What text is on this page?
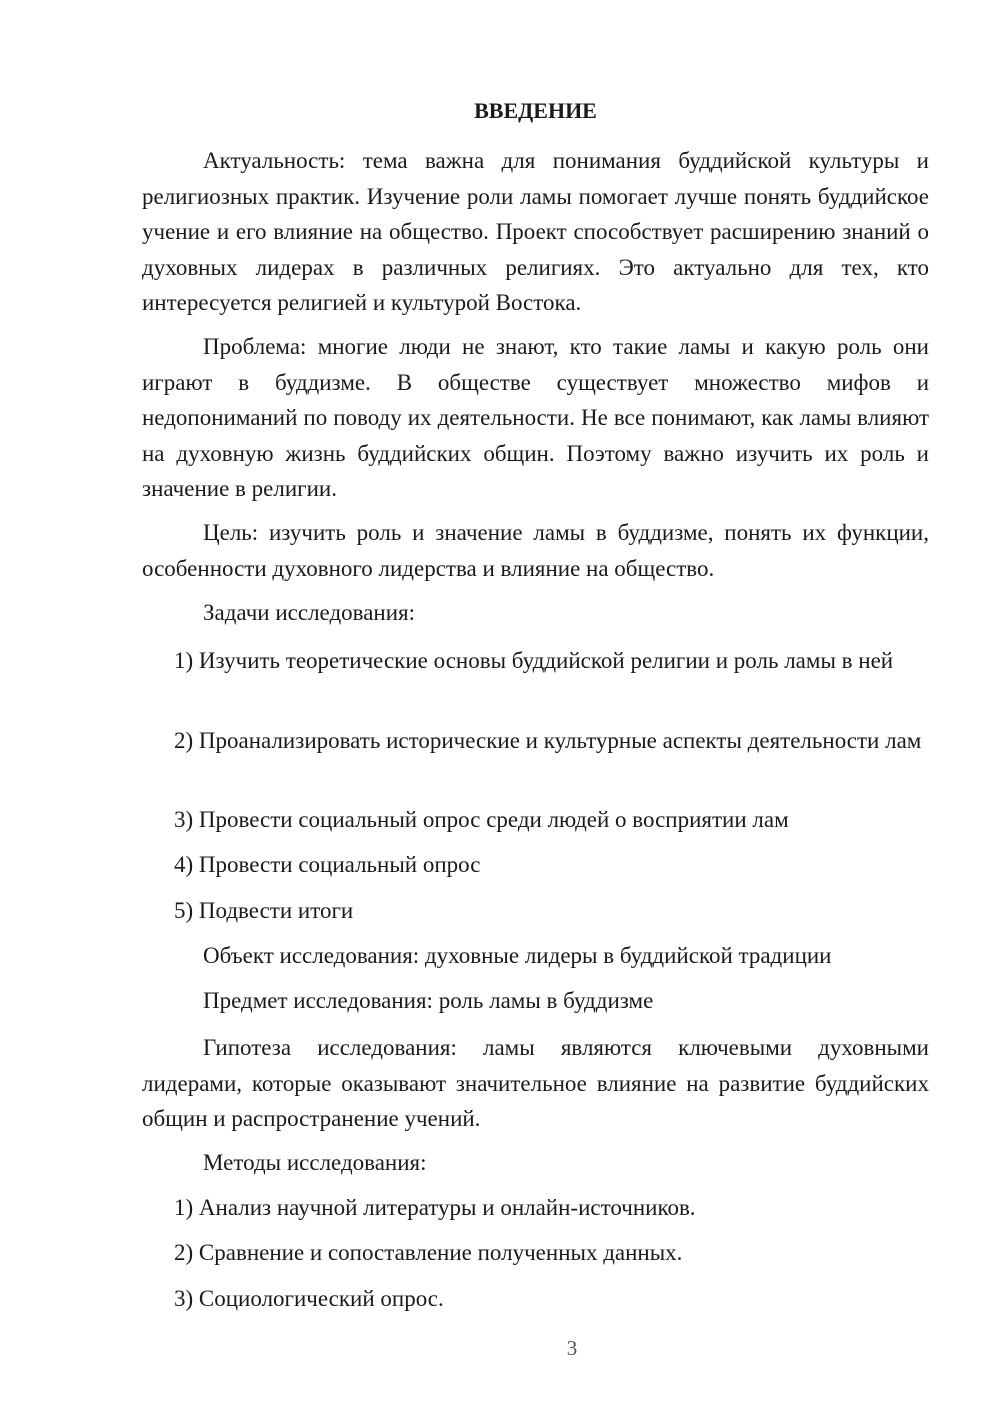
ВВЕДЕНИЕ

Актуальность: тема важна для понимания буддийской культуры и религиозных практик. Изучение роли ламы помогает лучше понять буддийское учение и его влияние на общество. Проект способствует расширению знаний о духовных лидерах в различных религиях. Это актуально для тех, кто интересуется религией и культурой Востока.

Проблема: многие люди не знают, кто такие ламы и какую роль они играют в буддизме. В обществе существует множество мифов и недопониманий по поводу их деятельности. Не все понимают, как ламы влияют на духовную жизнь буддийских общин. Поэтому важно изучить их роль и значение в религии.

Цель: изучить роль и значение ламы в буддизме, понять их функции, особенности духовного лидерства и влияние на общество.

Задачи исследования:

1) Изучить теоретические основы буддийской религии и роль ламы в ней

2) Проанализировать исторические и культурные аспекты деятельности лам

3) Провести социальный опрос среди людей о восприятии лам

4) Провести социальный опрос

5) Подвести итоги

Объект исследования: духовные лидеры в буддийской традиции

Предмет исследования: роль ламы в буддизме

Гипотеза исследования: ламы являются ключевыми духовными лидерами, которые оказывают значительное влияние на развитие буддийских общин и распространение учений.

Методы исследования:

1) Анализ научной литературы и онлайн-источников.

2) Сравнение и сопоставление полученных данных.

3) Социологический опрос.

3
